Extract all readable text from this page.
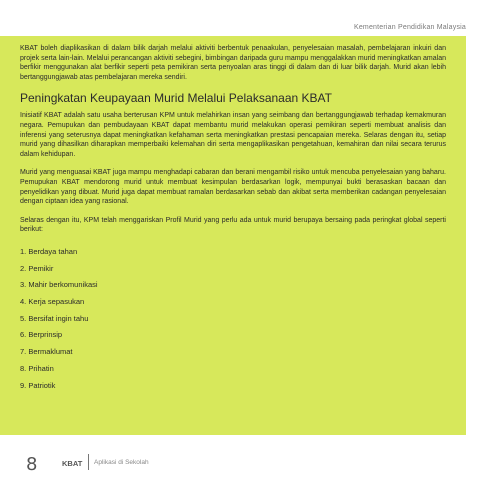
Kementerian Pendidikan Malaysia

KBAT boleh diaplikasikan di dalam bilik darjah melalui aktiviti berbentuk penaakulan, penyelesaian masalah, pembelajaran inkuiri dan projek serta lain-lain. Melalui perancangan aktiviti sebegini, bimbingan daripada guru mampu menggalakkan murid meningkatkan amalan berfikir menggunakan alat berfikir seperti peta pemikiran serta penyoalan aras tinggi di dalam dan di luar bilik darjah. Murid akan lebih bertanggungjawab atas pembelajaran mereka sendiri.

Peningkatan Keupayaan Murid Melalui Pelaksanaan KBAT

Inisiatif KBAT adalah satu usaha berterusan KPM untuk melahirkan insan yang seimbang dan bertanggungjawab terhadap kemakmuran negara. Pemupukan dan pembudayaan KBAT dapat membantu murid melakukan operasi pemikiran seperti membuat analisis dan inferensi yang seterusnya dapat meningkatkan kefahaman serta meningkatkan prestasi pencapaian mereka. Selaras dengan itu, setiap murid yang dihasilkan diharapkan memperbaiki kelemahan diri serta mengaplikasikan pengetahuan, kemahiran dan nilai secara terurus dalam kehidupan.

Murid yang menguasai KBAT juga mampu menghadapi cabaran dan berani mengambil risiko untuk mencuba penyelesaian yang baharu. Pemupukan KBAT mendorong murid untuk membuat kesimpulan berdasarkan logik, mempunyai bukti berasaskan bacaan dan penyelidikan yang dibuat. Murid juga dapat membuat ramalan berdasarkan sebab dan akibat serta memberikan cadangan penyelesaian dengan ciptaan idea yang rasional.

Selaras dengan itu, KPM telah menggariskan Profil Murid yang perlu ada untuk murid berupaya bersaing pada peringkat global seperti berikut:

1. Berdaya tahan
2. Pemikir
3. Mahir berkomunikasi
4. Kerja sepasukan
5. Bersifat ingin tahu
6. Berprinsip
7. Bermaklumat
8. Prihatin
9. Patriotik
8	KBAT Aplikasi di Sekolah
